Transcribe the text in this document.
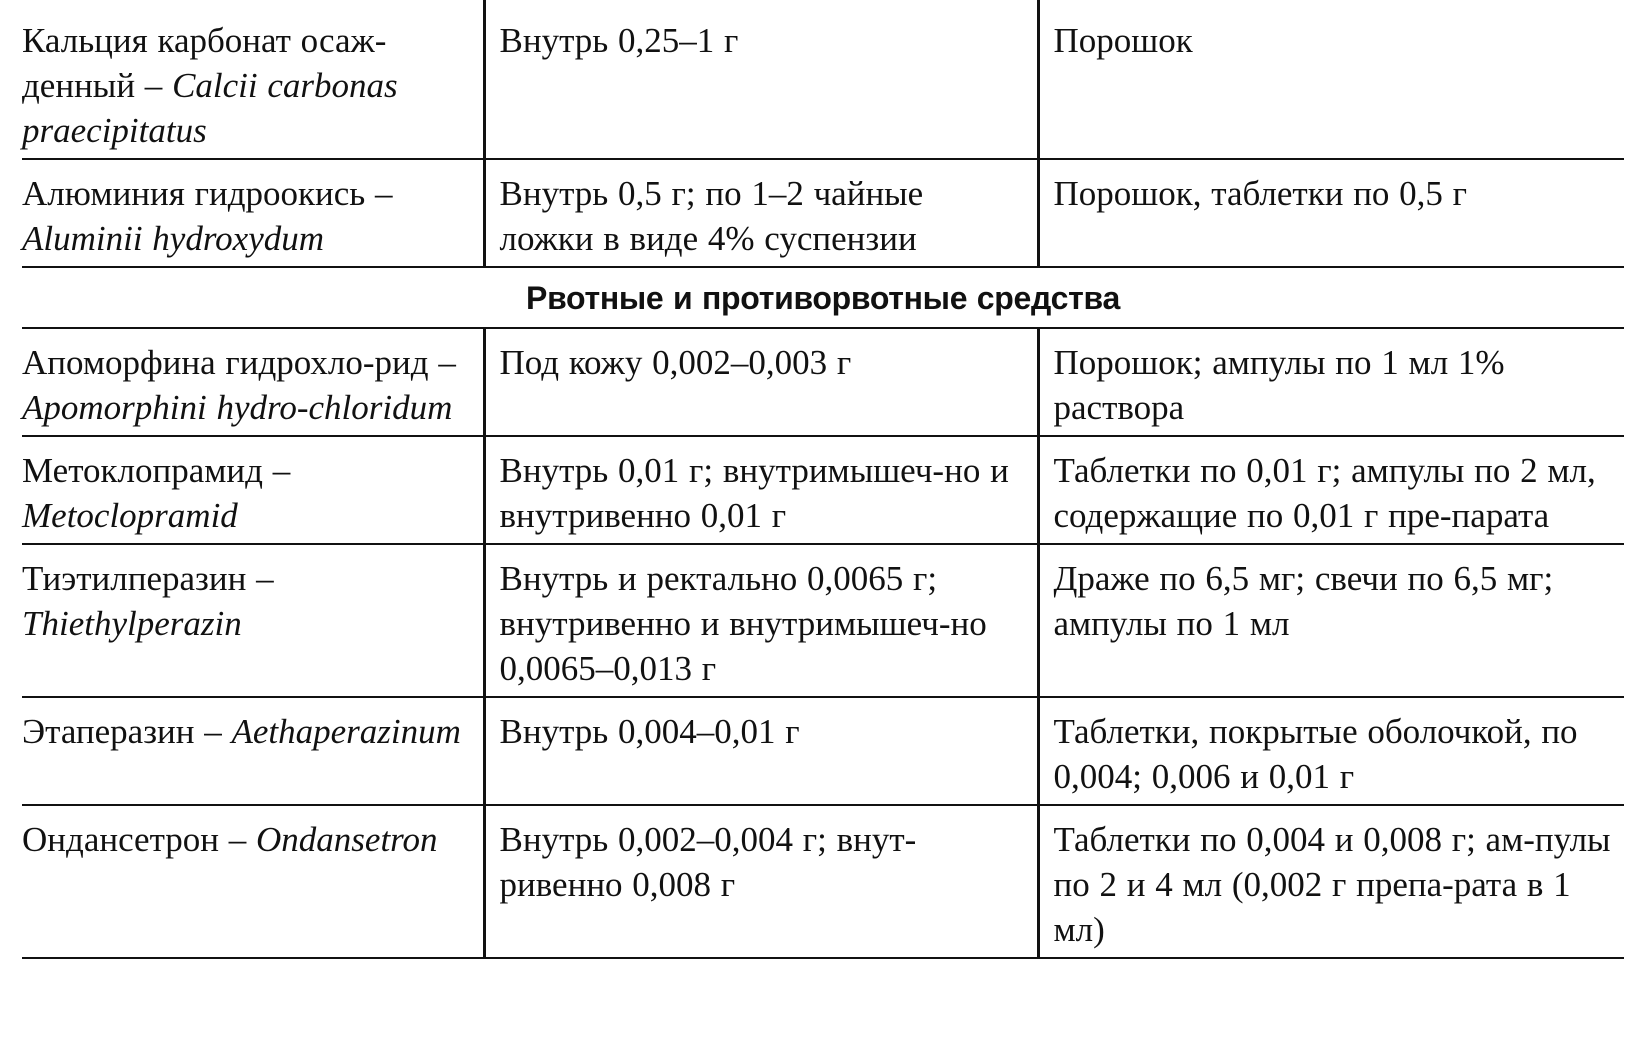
Кальция карбонат осаж-денный – Calcii carbonas praecipitatus	Внутрь 0,25–1 г	Порошок
Алюминия гидроокись – Aluminii hydroxydum	Внутрь 0,5 г; по 1–2 чайные ложки в виде 4% суспензии	Порошок, таблетки по 0,5 г
Рвотные и противорвотные средства		
Апоморфина гидрохло-рид – Apomorphini hydro-chloridum	Под кожу 0,002–0,003 г	Порошок; ампулы по 1 мл 1% раствора
Метоклопрамид – Metoclopramid	Внутрь 0,01 г; внутримышеч-но и внутривенно 0,01 г	Таблетки по 0,01 г; ампулы по 2 мл, содержащие по 0,01 г пре-парата
Тиэтилперазин – Thiethylperazin	Внутрь и ректально 0,0065 г; внутривенно и внутримышеч-но 0,0065–0,013 г	Драже по 6,5 мг; свечи по 6,5 мг; ампулы по 1 мл
Этаперазин – Aethaperazinum	Внутрь 0,004–0,01 г	Таблетки, покрытые оболочкой, по 0,004; 0,006 и 0,01 г
Ондансетрон – Ondansetron	Внутрь 0,002–0,004 г; внут-ривенно 0,008 г	Таблетки по 0,004 и 0,008 г; ам-пулы по 2 и 4 мл (0,002 г препа-рата в 1 мл)
